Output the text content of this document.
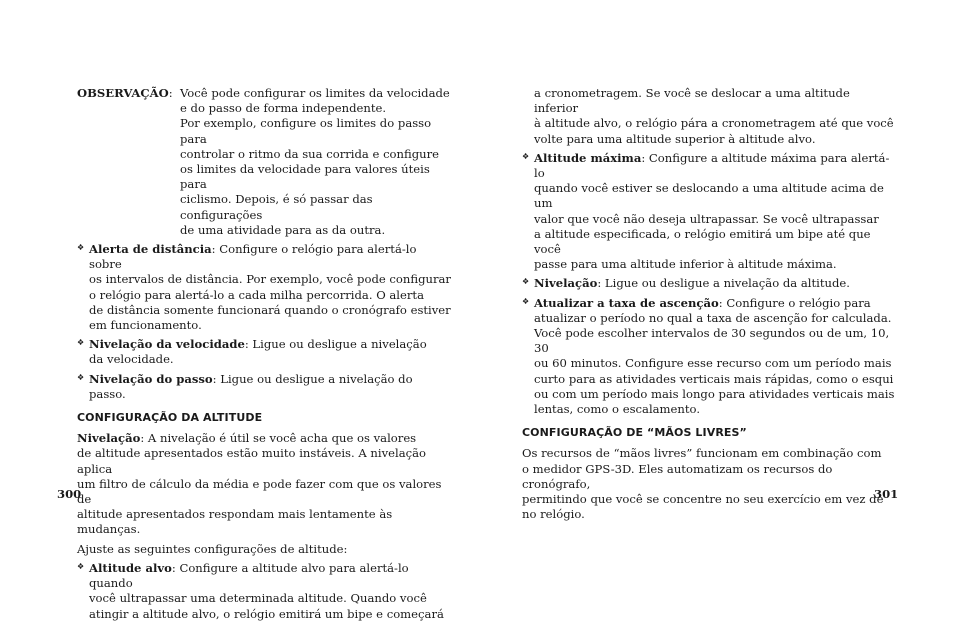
OBSERVAÇÃO: Você pode configurar os limites da velocidade

e do passo de forma independente.

Por exemplo, configure os limites do passo para

controlar o ritmo da sua corrida e configure

os limites da velocidade para valores úteis para

ciclismo. Depois, é só passar das configurações

de uma atividade para as da outra.

❖ Alerta de distância: Configure o relógio para alertá-lo sobre

os intervalos de distância. Por exemplo, você pode configurar

o relógio para alertá-lo a cada milha percorrida. O alerta

de distância somente funcionará quando o cronógrafo estiver

em funcionamento.

❖ Nivelação da velocidade: Ligue ou desligue a nivelação

da velocidade.

❖ Nivelação do passo: Ligue ou desligue a nivelação do passo.

CONFIGURAÇÃO DA ALTITUDE

Nivelação: A nivelação é útil se você acha que os valores

de altitude apresentados estão muito instáveis. A nivelação aplica

um filtro de cálculo da média e pode fazer com que os valores de

altitude apresentados respondam mais lentamente às mudanças.

Ajuste as seguintes configurações de altitude:

❖ Altitude alvo: Configure a altitude alvo para alertá-lo quando

você ultrapassar uma determinada altitude. Quando você

atingir a altitude alvo, o relógio emitirá um bipe e começará

a cronometragem. Se você se deslocar a uma altitude inferior

à altitude alvo, o relógio pára a cronometragem até que você

volte para uma altitude superior à altitude alvo.

❖ Altitude máxima: Configure a altitude máxima para alertá-lo

quando você estiver se deslocando a uma altitude acima de um

valor que você não deseja ultrapassar. Se você ultrapassar

a altitude especificada, o relógio emitirá um bipe até que você

passe para uma altitude inferior à altitude máxima.

❖ Nivelação: Ligue ou desligue a nivelação da altitude.

❖ Atualizar a taxa de ascenção: Configure o relógio para

atualizar o período no qual a taxa de ascenção for calculada.

Você pode escolher intervalos de 30 segundos ou de um, 10, 30

ou 60 minutos. Configure esse recurso com um período mais

curto para as atividades verticais mais rápidas, como o esqui

ou com um período mais longo para atividades verticais mais

lentas, como o escalamento.

CONFIGURAÇÃO DE “MÃOS LIVRES”

Os recursos de “mãos livres” funcionam em combinação com

o medidor GPS-3D. Eles automatizam os recursos do cronógrafo,

permitindo que você se concentre no seu exercício em vez de

no relógio.

300	301
